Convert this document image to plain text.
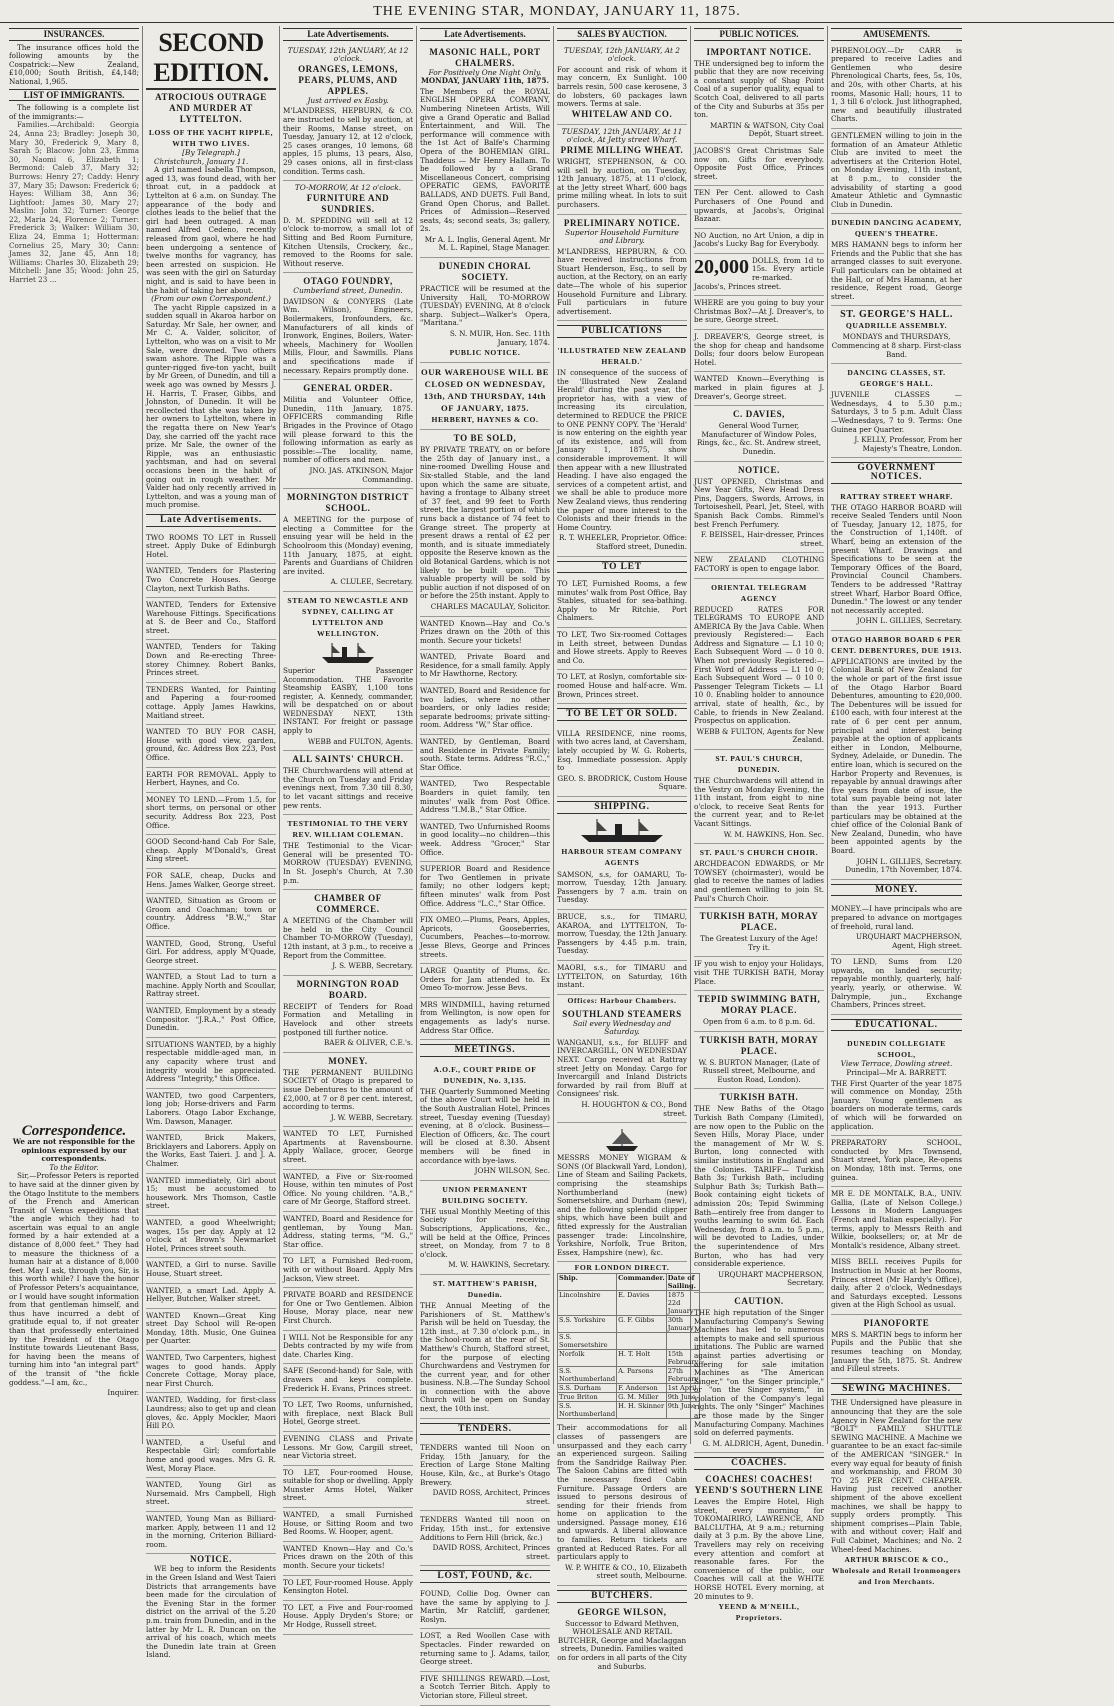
THE EVENING STAR, MONDAY, JANUARY 11, 1875.
INSURANCES.
The insurance offices hold the following amounts by the Cospatrick:—New Zealand, £10,000; South British, £4,148; National, 1,965.
LIST OF IMMIGRANTS.
The following is a complete list of the immigrants:—
Families.—Archibald: Georgia 24, Anna 23; Bradley: Joseph 30, Mary 30, Frederick 9, Mary 8, Sarah 5; Blacow: John 23, Emma 30, Naomi 6, Elizabeth 1; Bermond: Caleb 37, Mary 32; Burrows: Henry 27; Caddy: Henry 37, Mary 35; Dawson: Frederick 6; Hayes: William 38, Ann 36; Lightfoot: James 30, Mary 27; Maslin: John 32; Turner: George 22, Maria 24, Florence 2; Turner: Frederick 3; Walker: William 30, Eliza 24, Emma 1; Hotterman: Cornelius 25, Mary 30; Cann: James 32, Jane 45, Ann 18; Williams: Charles 30, Elizabeth 29; Mitchell: Jane 35; Wood: John 25, Harriet 23 ...
Correspondence.
We are not responsible for the opinions expressed by our correspondents.
To the Editor.
Sir,—Professor Peters is reported to have said at the dinner given by the Otago Institute to the members of the French and American Transit of Venus expeditions that "the angle which they had to ascertain was equal to an angle formed by a hair extended at a distance of 8,000 feet." They had to measure the thickness of a human hair at a distance of 8,000 feet. May I ask, through you, Sir, is this worth while? I have the honor of Professor Peters's acquaintance, or I would have sought information from that gentleman himself, and thus have incurred a debt of gratitude equal to, if not greater than that professedly entertained by the President of the Otago Institute towards Lieutenant Bass, for having been the means of turning him into "an integral part" of the transit of "the fickle goddess."—I am, &c.,
Inquirer.
SECOND EDITION.
ATROCIOUS OUTRAGE AND MURDER AT LYTTELTON.
LOSS OF THE YACHT RIPPLE, WITH TWO LIVES.
[By Telegraph.]
Christchurch, January 11.
A girl named Isabella Thompson, aged 13, was found dead, with her throat cut, in a paddock at Lyttelton at 6 a.m. on Sunday. The appearance of the body and clothes leads to the belief that the girl had been outraged. A man named Alfred Cedeno, recently released from gaol, where he had been undergoing a sentence of twelve months for vagrancy, has been arrested on suspicion. He was seen with the girl on Saturday night, and is said to have been in the habit of taking her about.
(From our own Correspondent.)
The yacht Ripple capsized in a sudden squall in Akaroa harbor on Saturday. Mr Sale, her owner, and Mr C. A. Valder, solicitor, of Lyttelton, who was on a visit to Mr Sale, were drowned. Two others swam ashore. The Ripple was a gunter-rigged five-ton yacht, built by Mr Green, of Dunedin, and till a week ago was owned by Messrs J. H. Harris, T. Fraser, Gibbs, and Johnston, of Dunedin. It will be recollected that she was taken by her owners to Lyttelton, where in the regatta there on New Year's Day, she carried off the yacht race prize. Mr Sale, the owner of the Ripple, was an enthusiastic yachtsman, and had on several occasions been in the habit of going out in rough weather. Mr Valder had only recently arrived in Lyttelton, and was a young man of much promise.
Late Advertisements.
TWO ROOMS TO LET in Russell street. Apply Duke of Edinburgh Hotel.
WANTED, Tenders for Plastering Two Concrete Houses. George Clayton, next Turkish Baths.
WANTED, Tenders for Extensive Warehouse Fittings. Specifications at S. de Beer and Co., Stafford street.
WANTED, Tenders for Taking Down and Re-erecting Three-storey Chimney. Robert Banks, Princes street.
TENDERS Wanted, for Painting and Papering a four-roomed cottage. Apply James Hawkins, Maitland street.
WANTED TO BUY FOR CASH, House with good view, garden, ground, &c. Address Box 223, Post Office.
EARTH FOR REMOVAL. Apply to Herbert, Haynes, and Co.
MONEY TO LEND.—From 1.5, for short terms, on personal or other security. Address Box 223, Post Office.
GOOD Second-hand Cab For Sale, cheap. Apply M'Donald's, Great King street.
FOR SALE, cheap, Ducks and Hens. James Walker, George street.
WANTED, Situation as Groom or Groom and Coachman; town or country. Address "B.W.," Star Office.
WANTED, Good, Strong, Useful Girl. For address, apply M'Quade, George street.
WANTED, a Stout Lad to turn a machine. Apply North and Scoullar, Rattray street.
WANTED, Employment by a steady Compositor. "J.R.A.," Post Office, Dunedin.
SITUATIONS WANTED, by a highly respectable middle-aged man, in any capacity where trust and integrity would be appreciated. Address "Integrity," this Office.
WANTED, two good Carpenters, long job; Horse-drivers and Farm Laborers. Otago Labor Exchange, Wm. Dawson, Manager.
WANTED, Brick Makers, Bricklayers and Laborers. Apply on the Works, East Taieri. J. and J. A. Chalmer.
WANTED immediately, Girl about 15; must be accustomed to housework. Mrs Thomson, Castle street.
WANTED, a good Wheelwright; wages, 15s per day. Apply at 12 o'clock at Brown's Newmarket Hotel, Princes street south.
WANTED, a Girl to nurse. Saville House, Stuart street.
WANTED, a smart Lad. Apply A. Hellyer, Butcher, Walker street.
WANTED Known—Great King street Day School will Re-open Monday, 18th. Music, One Guinea per Quarter.
WANTED, Two Carpenters, highest wages to good hands. Apply Concrete Cottage, Moray place, near First Church.
WANTED, Wadding, for first-class Laundress; also to get up and clean gloves, &c. Apply Mockler, Maori Hill P.O.
WANTED, a Useful and Respectable Girl; comfortable home and good wages. Mrs G. R. West, Moray Place.
WANTED, Young Girl as Nursemaid. Mrs Campbell, High street.
WANTED, Young Man as Billiard-marker. Apply, between 11 and 12 in the morning, Criterion Billiard-room.
NOTICE.
WE beg to inform the Residents in the Green Island and West Taieri Districts that arrangements have been made for the circulation of the Evening Star in the former district on the arrival of the 5.20 p.m. train from Dunedin, and in the latter by Mr L. R. Duncan on the arrival of his coach, which meets the Dunedin late train at Green Island.
Late Advertisements.
TUESDAY, 12th JANUARY, At 12 o'clock.
ORANGES, LEMONS, PEARS, PLUMS, AND APPLES.
Just arrived ex Easby.
M'LANDRESS, HEPBURN, & CO. are instructed to sell by auction, at their Rooms, Manse street, on Tuesday, January 12, at 12 o'clock, 25 cases oranges, 10 lemons, 68 apples, 15 plums, 13 pears, Also, 29 cases onions, all in first-class condition. Terms cash.
TO-MORROW, At 12 o'clock.
FURNITURE AND SUNDRIES.
D. M. SPEDDING will sell at 12 o'clock to-morrow, a small lot of Sitting and Bed Room Furniture, Kitchen Utensils, Crockery, &c., removed to the Rooms for sale. Without reserve.
OTAGO FOUNDRY,
Cumberland street, Dunedin.
DAVIDSON & CONYERS (Late Wm. Wilson), Engineers, Boilermakers, Ironfounders, &c. Manufacturers of all kinds of Ironwork, Engines, Boilers, Water-wheels, Machinery for Woollen Mills, Flour, and Sawmills. Plans and specifications made if necessary. Repairs promptly done.
GENERAL ORDER.
Militia and Volunteer Office, Dunedin, 11th January, 1875. OFFICERS commanding Rifle Brigades in the Province of Otago will please forward to this the following information as early as possible:—The locality, name, number of officers and men.
JNO. JAS. ATKINSON, Major Commanding.
MORNINGTON DISTRICT SCHOOL.
A MEETING for the purpose of electing a Committee for the ensuing year will be held in the Schoolroom this (Monday) evening, 11th January, 1875, at eight. Parents and Guardians of Children are invited.
A. CLULEE, Secretary.
STEAM TO NEWCASTLE AND SYDNEY, CALLING AT LYTTELTON AND WELLINGTON.
Superior Passenger Accommodation. THE Favorite Steamship EASBY, 1,100 tons register, A. Kennedy, commander, will be despatched on or about WEDNESDAY NEXT, 13th INSTANT. For freight or passage apply to
WEBB and FULTON, Agents.
ALL SAINTS' CHURCH.
THE Churchwardens will attend at the Church on Tuesday and Friday evenings next, from 7.30 till 8.30, to let vacant sittings and receive pew rents.
TESTIMONIAL TO THE VERY REV. WILLIAM COLEMAN.
THE Testimonial to the Vicar-General will be presented TO-MORROW (TUESDAY) EVENING, In St. Joseph's Church, At 7.30 p.m.
CHAMBER OF COMMERCE.
A MEETING of the Chamber will be held in the City Council Chamber TO-MORROW (Tuesday), 12th instant, at 3 p.m., to receive a Report from the Committee.
J. S. WEBB, Secretary.
MORNINGTON ROAD BOARD.
RECEIPT of Tenders for Road Formation and Metalling in Havelock and other streets postponed till further notice.
BAER & OLIVER, C.E.'s.
MONEY.
THE PERMANENT BUILDING SOCIETY of Otago is prepared to issue Debentures to the amount of £2,000, at 7 or 8 per cent. interest, according to terms.
J. W. WEBB, Secretary.
WANTED TO LET, Furnished Apartments at Ravensbourne. Apply Wallace, grocer, George street.
WANTED, a Five or Six-roomed House, within ten minutes of Post Office. No young children. "A.B.," care of Mr George, Stafford street.
WANTED, Board and Residence for gentleman, by Young Man. Address, stating terms, "M. G.," Star office.
TO LET, a Furnished Bed-room, with or without Board. Apply Mrs Jackson, View street.
PRIVATE BOARD and RESIDENCE for One or Two Gentlemen. Albion House, Moray place, near new First Church.
I WILL Not be Responsible for any Debts contracted by my wife from date. Charles King.
SAFE (Second-hand) for Sale, with drawers and keys complete. Frederick H. Evans, Princes street.
TO LET, Two Rooms, unfurnished, with fireplace, next Black Bull Hotel, George street.
EVENING CLASS and Private Lessons. Mr Gow, Cargill street, near Victoria street.
TO LET, Four-roomed House, suitable for shop or dwelling. Apply Munster Arms Hotel, Walker street.
WANTED, a small Furnished House, or Sitting Room and two Bed Rooms. W. Hooper, agent.
WANTED Known—Hay and Co.'s Prices drawn on the 20th of this month. Secure your tickets!
TO LET, Four-roomed House. Apply Kensington Hotel.
TO LET, a Five and Four-roomed House. Apply Dryden's Store; or Mr Hodge, Russell street.
Late Advertisements.
MASONIC HALL, PORT CHALMERS.
For Positively One Night Only.
MONDAY, JANUARY 11th, 1875.
The Members of the ROYAL ENGLISH OPERA COMPANY, Numbering Nineteen Artists, Will give a Grand Operatic and Ballad Entertainment, and Will. The performance will commence with the 1st Act of Balfe's Charming Opera of the BOHEMIAN GIRL. Thaddeus — Mr Henry Hallam. To be followed by a Grand Miscellaneous Concert, comprising OPERATIC GEMS, FAVORITE BALLADS, AND DUETS. Full Band, Grand Open Chorus, and Ballet. Prices of Admission—Reserved seats, 4s; second seats, 3s; gallery, 2s.
Mr A. L. Inglis, General Agent. Mr M. L. Rapinel, Stage Manager.
DUNEDIN CHORAL SOCIETY.
PRACTICE will be resumed at the University Hall, TO-MORROW (TUESDAY) EVENING, At 8 o'clock sharp. Subject—Walker's Opera, "Maritana."
S. N. MUIR, Hon. Sec. 11th January, 1874.
PUBLIC NOTICE.
OUR WAREHOUSE WILL BE CLOSED ON WEDNESDAY, 13th, AND THURSDAY, 14th OF JANUARY, 1875.
HERBERT, HAYNES & CO.
TO BE SOLD,
BY PRIVATE TREATY, on or before the 25th day of January inst., a nine-roomed Dwelling House and Six-stalled Stable, and the land upon which the same are situate, having a frontage to Albany street of 37 feet, and 99 feet to Forth street, the largest portion of which runs back a distance of 74 feet to Grange street. The property at present draws a rental of £2 per month, and is situate immediately opposite the Reserve known as the old Botanical Gardens, which is not likely to be built upon. This valuable property will be sold by public auction if not disposed of on or before the 25th instant. Apply to
CHARLES MACAULAY, Solicitor.
WANTED Known—Hay and Co.'s Prizes drawn on the 20th of this month. Secure your tickets!
WANTED, Private Board and Residence, for a small family. Apply to Mr Hawthorne, Rectory.
WANTED, Board and Residence for two ladies, where no other boarders, or only ladies reside; separate bedrooms; private sitting-room. Address "W," Star office.
WANTED, by Gentleman, Board and Residence in Private Family; south. State terms. Address "R.C.," Star Office.
WANTED, Two Respectable Boarders in quiet family, ten minutes' walk from Post Office. Address "I.M.B.," Star Office.
WANTED, Two Unfurnished Rooms in good locality—no children—this week. Address "Grocer," Star Office.
SUPERIOR Board and Residence for Two Gentlemen in private family; no other lodgers kept; fifteen minutes' walk from Post Office. Address "L.C.," Star Office.
FIX OMEO.—Plums, Pears, Apples, Apricots, Gooseberries, Cucumbers, Peaches—to-morrow. Jesse Blevs, George and Princes streets.
LARGE Quantity of Plums, &c. Orders for Jam attended to. Ex Omeo To-morrow. Jesse Bevs.
MRS WINDMILL, having returned from Wellington, is now open for engagements as lady's nurse. Address Star Office.
MEETINGS.
A.O.F., COURT PRIDE OF DUNEDIN, No. 3,135.
THE Quarterly Summoned Meeting of the above Court will be held in the South Australian Hotel, Princes street, Tuesday evening (Tuesday) evening, at 8 o'clock. Business—Election of Officers, &c. The court will be closed at 8.30. Absent members will be fined in accordance with bye-laws.
JOHN WILSON, Sec.
UNION PERMANENT BUILDING SOCIETY.
THE usual Monthly Meeting of this Society for receiving Subscriptions, Applications, &c., will be held at the Office, Princes street, on Monday, from 7 to 8 o'clock.
M. W. HAWKINS, Secretary.
ST. MATTHEW'S PARISH, Dunedin.
THE Annual Meeting of the Parishioners of St. Matthew's Parish will be held on Tuesday, the 12th inst., at 7.30 o'clock p.m., in the School-room at the rear of St. Matthew's Church, Stafford street, for the purpose of electing Churchwardens and Vestrymen for the current year, and for other business. N.B.—The Sunday School in connection with the above Church will be open on Sunday next, the 10th inst.
TENDERS.
TENDERS wanted till Noon on Friday, 15th January, for the Erection of Large Stone Malting House, Kiln, &c., at Burke's Otago Brewery.
DAVID ROSS, Architect, Princes street.
TENDERS Wanted till noon on Friday, 15th inst., for extensive Additions to Fern Hill (brick, &c.)
DAVID ROSS, Architect, Princes street.
LOST, FOUND, &c.
FOUND, Collie Dog. Owner can have the same by applying to J. Martin, Mr Ratcliff, gardener, Roslyn.
LOST, a Red Woollen Case with Spectacles. Finder rewarded on returning same to J. Adams, tailor, George street.
FIVE SHILLINGS REWARD.—Lost, a Scotch Terrier Bitch. Apply to Victorian store, Filleul street.
SALES BY AUCTION.
TUESDAY, 12th JANUARY, At 2 o'clock.
For account and risk of whom it may concern, Ex Sunlight. 100 barrels resin, 500 case kerosene, 3 do lobsters, 60 packages lawn mowers. Terms at sale.
WHITELAW AND CO.
TUESDAY, 12th JANUARY, At 11 o'clock, At Jetty street Wharf.
PRIME MILLING WHEAT.
WRIGHT, STEPHENSON, & CO. will sell by auction, on Tuesday, 12th January, 1875, at 11 o'clock, at the Jetty street Wharf, 600 bags prime milling wheat. In lots to suit purchasers.
PRELIMINARY NOTICE.
Superior Household Furniture and Library.
M'LANDRESS, HEPBURN, & CO. have received instructions from Stuart Henderson, Esq., to sell by auction, at the Rectory, on an early date—The whole of his superior Household Furniture and Library. Full particulars in future advertisement.
PUBLICATIONS
'ILLUSTRATED NEW ZEALAND HERALD.'
IN consequence of the success of the 'Illustrated New Zealand Herald' during the past year, the proprietor has, with a view of increasing its circulation, determined to REDUCE the PRICE to ONE PENNY COPY. The 'Herald' is now entering on the eighth year of its existence, and will from January 1, 1875, show considerable improvement. It will then appear with a new Illustrated Heading. I have also engaged the services of a competent artist, and we shall be able to produce more New Zealand views, thus rendering the paper of more interest to the Colonists and their friends in the Home Country.
R. T. WHEELER, Proprietor. Office: Stafford street, Dunedin.
TO LET
TO LET, Furnished Rooms, a few minutes' walk from Post Office, Bay Stables, situated for sea-bathing. Apply to Mr Ritchie, Port Chalmers.
TO LET, Two Six-roomed Cottages in Leith street, between Dundas and Howe streets. Apply to Reeves and Co.
TO LET, at Roslyn, comfortable six-roomed House and half-acre. Wm. Brown, Princes street.
TO BE LET OR SOLD.
VILLA RESIDENCE, nine rooms, with two acres land, at Caversham, lately occupied by W. G. Roberts, Esq. Immediate possession. Apply to
GEO. S. BRODRICK, Custom House Square.
SHIPPING.
HARBOUR STEAM COMPANY AGENTS
SAMSON, s.s, for OAMARU, To-morrow, Tuesday, 12th January. Passengers by 7 a.m. train on Tuesday.
BRUCE, s.s., for TIMARU, AKAROA, and LYTTELTON, To-morrow, Tuesday, the 12th January. Passengers by 4.45 p.m. train, Tuesday.
MAORI, s.s., for TIMARU and LYTTELTON, on Saturday, 16th instant.
Offices: Harbour Chambers.
SOUTHLAND STEAMERS
Sail every Wednesday and Saturday.
WANGANUI, s.s., for BLUFF and INVERCARGILL, ON WEDNESDAY NEXT. Cargo received at Rattray street Jetty on Monday. Cargo for Invercargill and Inland Districts forwarded by rail from Bluff at Consignees' risk.
H. HOUGHTON & CO., Bond street.
MESSRS MONEY WIGRAM & SONS (Of Blackwall Yard, London), Line of Steam and Sailing Packets, comprising the steamships Northumberland (new) Somersetshire, and Durham (new), and the following splendid clipper ships, which have been built and fitted expressly for the Australian passenger trade: Lincolnshire, Yorkshire, Norfolk, True Briton, Essex, Hampshire (new), &c.
FOR LONDON DIRECT.
Ship.	Commander.	Date of Sailing.
Lincolnshire	E. Davies	1875 22d January
S.S. Yorkshire	G. F. Gibbs	30th January
S.S. Somersetshire		
Norfolk	H. T. Holt	15th February
S.S. Northumberland	A. Parsons	27th February
S.S. Durham	F. Anderson	1st April
True Briton	G. M. Miller	9th June
S.S. Northumberland	H. H. Skinner	9th June
Their accommodations for all classes of passengers are unsurpassed and they each carry an experienced surgeon. Sailing from the Sandridge Railway Pier. The Saloon Cabins are fitted with the necessary fixed Cabin Furniture. Passage Orders are issued to persons desirous of sending for their friends from home on application to the undersigned. Passage money, £16 and upwards. A liberal allowance to families. Return tickets are granted at Reduced Rates. For all particulars apply to
W. P. WHITE & CO., 10, Elizabeth street south, Melbourne.
BUTCHERS.
GEORGE WILSON,
Successor to Edward Methven, WHOLESALE AND RETAIL BUTCHER, George and Maclaggan streets, Dunedin. Families waited on for orders in all parts of the City and Suburbs.
PUBLIC NOTICES.
IMPORTANT NOTICE.
THE undersigned beg to inform the public that they are now receiving a constant supply of Shag Point Coal of a superior quality, equal to Scotch Coal, delivered to all parts of the City and Suburbs at 35s per ton.
MARTIN & WATSON, City Coal Depôt, Stuart street.
JACOBS'S Great Christmas Sale now on. Gifts for everybody. Opposite Post Office, Princes street.
TEN Per Cent. allowed to Cash Purchasers of One Pound and upwards, at Jacobs's, Original Bazaar.
NO Auction, no Art Union, a dip in Jacobs's Lucky Bag for Everybody.
20,000 DOLLS, from 1d to 15s. Every article re-marked. Jacobs's, Princes street.
WHERE are you going to buy your Christmas Box?—At J. Dreaver's, to be sure, George street.
J. DREAVER'S, George street, is the shop for cheap and handsome Dolls; four doors below European Hotel.
WANTED Known—Everything is marked in plain figures at J. Dreaver's, George street.
C. DAVIES,
General Wood Turner, Manufacturer of Window Poles, Rings, &c., &c. St. Andrew street, Dunedin.
NOTICE.
JUST OPENED, Christmas and New Year Gifts, New Head Dress Pins, Daggers, Swords, Arrows, in Tortoiseshell, Pearl, Jet, Steel, with Spanish Back Combs. Rimmel's best French Perfumery.
F. BEISSEL, Hair-dresser, Princes street.
NEW ZEALAND CLOTHING FACTORY is open to engage labor.
ORIENTAL TELEGRAM AGENCY
REDUCED RATES FOR TELEGRAMS TO EUROPE AND AMERICA By the Java Cable. When previously Registered:— Each Address and Signature — L1 10 0; Each Subsequent Word — 0 10 0. When not previously Registered:— First Word of Address — L1 10 0; Each Subsequent Word — 0 10 0. Passenger Telegram Tickets — L1 10 0. Enabling holder to announce arrival, state of health, &c., by Cable, to friends in New Zealand. Prospectus on application.
WEBB & FULTON, Agents for New Zealand.
ST. PAUL'S CHURCH, DUNEDIN.
THE Churchwardens will attend in the Vestry on Monday Evening, the 11th instant, from eight to nine o'clock, to receive Seat Rents for the current year, and to Re-let Vacant Sittings.
W. M. HAWKINS, Hon. Sec.
ST. PAUL'S CHURCH CHOIR.
ARCHDEACON EDWARDS, or Mr TOWSEY (choirmaster), would be glad to receive the names of ladies and gentlemen willing to join St. Paul's Church Choir.
TURKISH BATH, MORAY PLACE.
The Greatest Luxury of the Age! Try it.
IF you wish to enjoy your Holidays, visit THE TURKISH BATH, Moray Place.
TEPID SWIMMING BATH, MORAY PLACE.
Open from 6 a.m. to 8 p.m. 6d.
TURKISH BATH, MORAY PLACE.
W. S. BURTON Manager, (Late of Russell street, Melbourne, and Euston Road, London).
TURKISH BATH.
THE New Baths of the Otago Turkish Bath Company (Limited), are now open to the Public on the Seven Hills, Moray Place, under the management of Mr W. S. Burton, long connected with similar institutions in England and the Colonies. TARIFF— Turkish Bath 3s; Turkish Bath, including Sulphur Bath 3s; Turkish Bath—Book containing eight tickets of admission 20s; Tepid Swimming Bath—entirely free from danger to youths learning to swim 6d. Each Wednesday, from 8 a.m. to 5 p.m., will be devoted to Ladies, under the superintendence of Mrs Burton, who has had very considerable experience.
URQUHART MACPHERSON, Secretary.
CAUTION.
THE high reputation of the Singer Manufacturing Company's Sewing Machines has led to numerous attempts to make and sell spurious imitations. The Public are warned against parties advertising or offering for sale imitation Machines as "The American Singer," "on the Singer principle," or "on the Singer system," in violation of the Company's legal rights. The only "Singer" Machines are those made by the Singer Manufacturing Company. Machines sold on deferred payments.
G. M. ALDRICH, Agent, Dunedin.
COACHES.
COACHES! COACHES!
YEEND'S SOUTHERN LINE
Leaves the Empire Hotel, High street, every morning for TOKOMAIRIRO, LAWRENCE, AND BALCLUTHA, At 9 a.m.; returning daily at 3 p.m. By the above Line, Travellers may rely on receiving every attention and comfort at reasonable fares. For the convenience of the public, our Coaches will call at the WHITE HORSE HOTEL Every morning, at 20 minutes to 9.
YEEND & M'NEILL, Proprietors.
AMUSEMENTS.
PHRENOLOGY.—Dr CARR is prepared to receive Ladies and Gentlemen who desire Phrenological Charts, fees, 5s, 10s, and 20s, with other Charts, at his rooms, Masonic Hall; hours, 11 to 1, 3 till 6 o'clock. Just lithographed, new and beautifully illustrated Charts.
GENTLEMEN willing to join in the formation of an Amateur Athletic Club are invited to meet the advertisers at the Criterion Hotel, on Monday Evening, 11th instant, at 8 p.m., to consider the advisability of starting a good Amateur Athletic and Gymnastic Club in Dunedin.
DUNEDIN DANCING ACADEMY, QUEEN'S THEATRE.
MRS HAMANN begs to inform her Friends and the Public that she has arranged classes to suit everyone. Full particulars can be obtained at the Hall, or of Mrs Hamann, at her residence, Regent road, George street.
ST. GEORGE'S HALL.
QUADRILLE ASSEMBLY.
MONDAYS and THURSDAYS, Commencing at 8 sharp. First-class Band.
DANCING CLASSES, ST. GEORGE'S HALL.
JUVENILE CLASSES — Wednesdays, 4 to 5.30 p.m.; Saturdays, 3 to 5 p.m. Adult Class—Wednesdays, 7 to 9. Terms: One Guinea per Quarter.
J. KELLY, Professor, From her Majesty's Theatre, London.
GOVERNMENT NOTICES.
RATTRAY STREET WHARF.
THE OTAGO HARBOR BOARD will receive Sealed Tenders until Noon of Tuesday, January 12, 1875, for the Construction of 1,140ft. of Wharf, being an extension of the present Wharf. Drawings and Specifications to be seen at the Temporary Offices of the Board, Provincial Council Chambers. Tenders to be addressed "Rattray street Wharf, Harbor Board Office, Dunedin." The lowest or any tender not necessarily accepted.
JOHN L. GILLIES, Secretary.
OTAGO HARBOR BOARD 6 PER CENT. DEBENTURES, DUE 1913.
APPLICATIONS are invited by the Colonial Bank of New Zealand for the whole or part of the first issue of the Otago Harbor Board Debentures, amounting to £20,000. The Debentures will be issued for £100 each, with four interest at the rate of 6 per cent per annum, principal and interest being payable at the option of applicants either in London, Melbourne, Sydney, Adelaide, or Dunedin. The entire loan, which is secured on the Harbor Property and Revenues, is repayable by annual drawings after five years from date of issue, the total sum payable being not later than the year 1913. Further particulars may be obtained at the chief office of the Colonial Bank of New Zealand, Dunedin, who have been appointed agents by the Board.
JOHN L. GILLIES, Secretary. Dunedin, 17th November, 1874.
MONEY.
MONEY.—I have principals who are prepared to advance on mortgages of freehold, rural land.
URQUHART MACPHERSON, Agent, High street.
TO LEND, Sums from L20 upwards, on landed security; repayable monthly, quarterly, half-yearly, yearly, or otherwise. W. Dalrymple, jun., Exchange Chambers, Princes street.
EDUCATIONAL.
DUNEDIN COLLEGIATE SCHOOL,
View Terrace, Dowling street.
Principal—Mr A. BARRETT.
THE First Quarter of the year 1875 will commence on Monday, 25th January. Young gentlemen as boarders on moderate terms, cards of which will be forwarded on application.
PREPARATORY SCHOOL, conducted by Mrs Townsend, Stuart street, York place, Re-opens on Monday, 18th inst. Terms, one guinea.
MR E. DE MONTALK, B.A., UNIV. Gallia, (Late of Nelson College.) Lessons in Modern Languages (French and Italian especially). For terms, apply to Messrs Reith and Wilkie, booksellers; or, at Mr de Montalk's residence, Albany street.
MISS BELL receives Pupils for Instruction in Music at her Rooms, Princes street (Mr Hardy's Office), daily, after 2 o'clock, Wednesdays and Saturdays excepted. Lessons given at the High School as usual.
PIANOFORTE
MRS S. MARTIN begs to inform her Pupils and the Public that she resumes teaching on Monday, January the 5th, 1875. St. Andrew and Filleul streets.
SEWING MACHINES.
THE Undersigned have pleasure in announcing that they are the sole Agency in New Zealand for the new "BOLT" FAMILY SHUTTLE SEWING MACHINE. A Machine we guarantee to be an exact fac-simile of the AMERICAN "SINGER." In every way equal for beauty of finish and workmanship, and FROM 30 TO 25 PER CENT. CHEAPER. Having just received another shipment of the above excellent machines, we shall be happy to supply orders promptly. This shipment comprises—Plain Table, with and without cover; Half and Full Cabinet, Machines; and No. 2 Wheel-feed Machines.
ARTHUR BRISCOE & CO., Wholesale and Retail Ironmongers and Iron Merchants.
